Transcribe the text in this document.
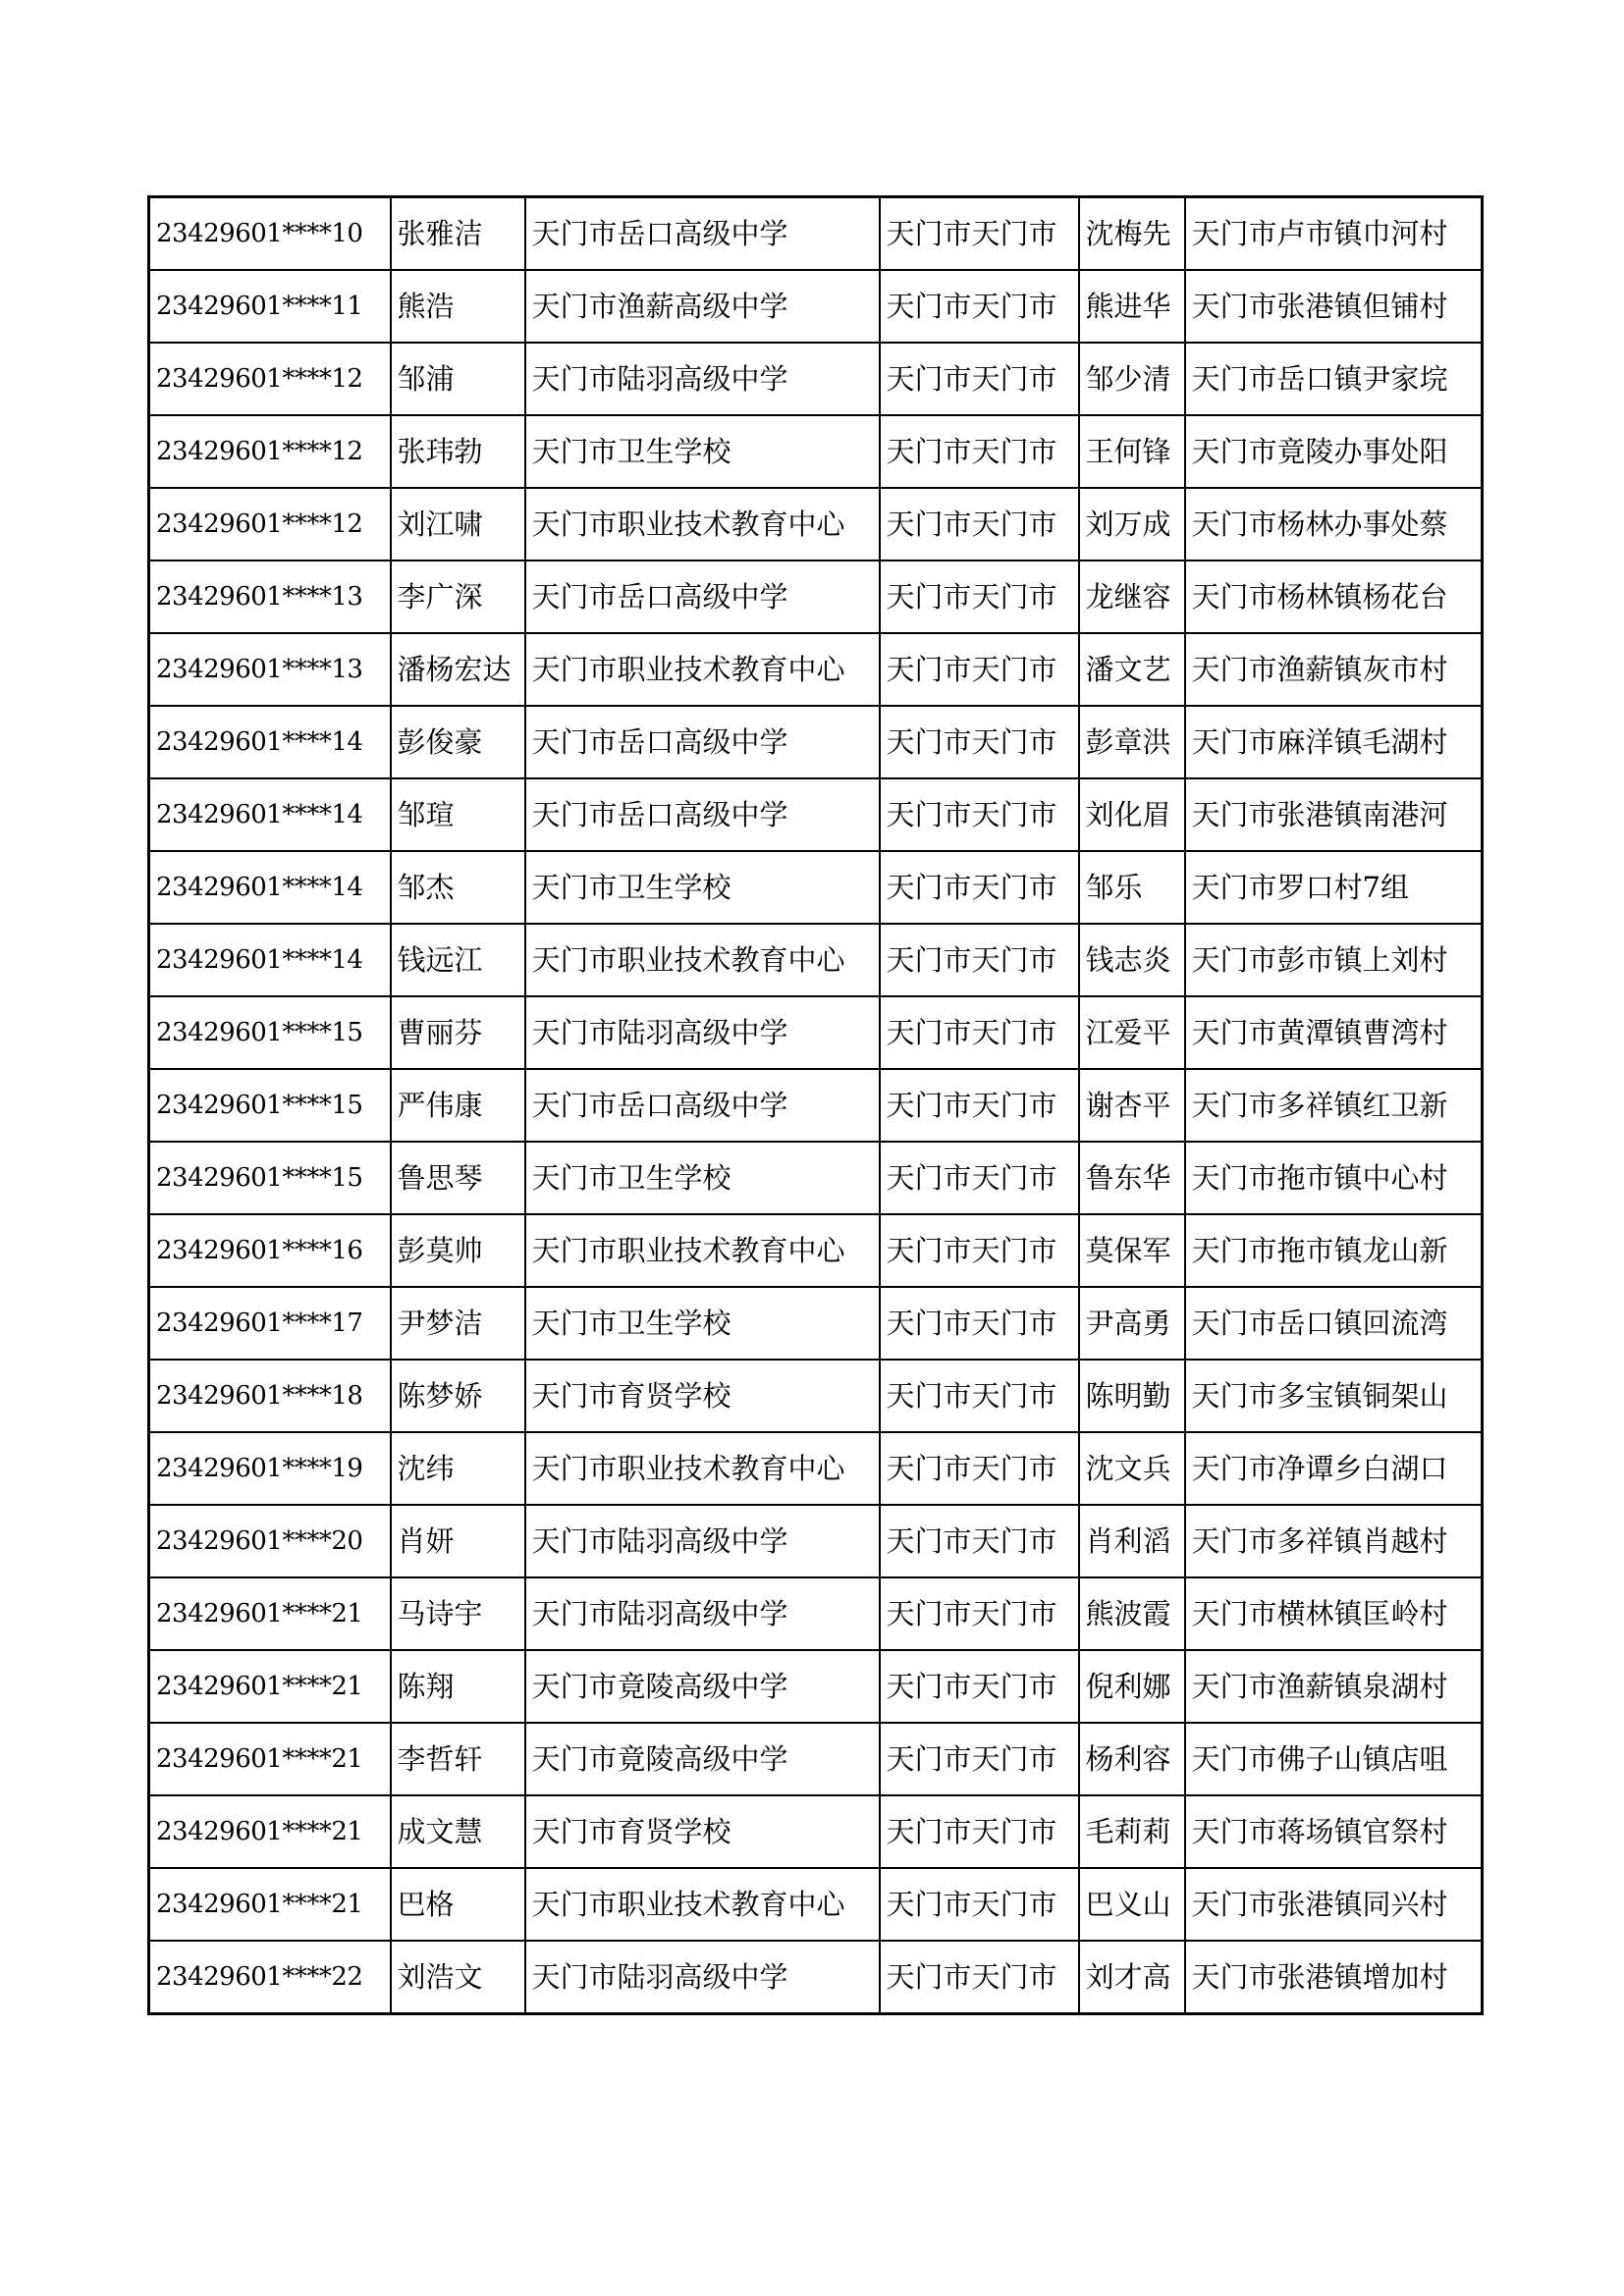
23429601****10	张雅洁	天门市岳口高级中学	天门市天门市	沈梅先	天门市卢市镇巾河村
23429601****11	熊浩	天门市渔薪高级中学	天门市天门市	熊进华	天门市张港镇但铺村
23429601****12	邹浦	天门市陆羽高级中学	天门市天门市	邹少清	天门市岳口镇尹家垸
23429601****12	张玮勃	天门市卫生学校	天门市天门市	王何锋	天门市竟陵办事处阳
23429601****12	刘江啸	天门市职业技术教育中心	天门市天门市	刘万成	天门市杨林办事处蔡
23429601****13	李广深	天门市岳口高级中学	天门市天门市	龙继容	天门市杨林镇杨花台
23429601****13	潘杨宏达	天门市职业技术教育中心	天门市天门市	潘文艺	天门市渔薪镇灰市村
23429601****14	彭俊豪	天门市岳口高级中学	天门市天门市	彭章洪	天门市麻洋镇毛湖村
23429601****14	邹瑄	天门市岳口高级中学	天门市天门市	刘化眉	天门市张港镇南港河
23429601****14	邹杰	天门市卫生学校	天门市天门市	邹乐	天门市罗口村7组
23429601****14	钱远江	天门市职业技术教育中心	天门市天门市	钱志炎	天门市彭市镇上刘村
23429601****15	曹丽芬	天门市陆羽高级中学	天门市天门市	江爱平	天门市黄潭镇曹湾村
23429601****15	严伟康	天门市岳口高级中学	天门市天门市	谢杏平	天门市多祥镇红卫新
23429601****15	鲁思琴	天门市卫生学校	天门市天门市	鲁东华	天门市拖市镇中心村
23429601****16	彭莫帅	天门市职业技术教育中心	天门市天门市	莫保军	天门市拖市镇龙山新
23429601****17	尹梦洁	天门市卫生学校	天门市天门市	尹高勇	天门市岳口镇回流湾
23429601****18	陈梦娇	天门市育贤学校	天门市天门市	陈明勤	天门市多宝镇铜架山
23429601****19	沈纬	天门市职业技术教育中心	天门市天门市	沈文兵	天门市净谭乡白湖口
23429601****20	肖妍	天门市陆羽高级中学	天门市天门市	肖利滔	天门市多祥镇肖越村
23429601****21	马诗宇	天门市陆羽高级中学	天门市天门市	熊波霞	天门市横林镇匡岭村
23429601****21	陈翔	天门市竟陵高级中学	天门市天门市	倪利娜	天门市渔薪镇泉湖村
23429601****21	李哲轩	天门市竟陵高级中学	天门市天门市	杨利容	天门市佛子山镇店咀
23429601****21	成文慧	天门市育贤学校	天门市天门市	毛莉莉	天门市蒋场镇官祭村
23429601****21	巴格	天门市职业技术教育中心	天门市天门市	巴义山	天门市张港镇同兴村
23429601****22	刘浩文	天门市陆羽高级中学	天门市天门市	刘才高	天门市张港镇增加村
